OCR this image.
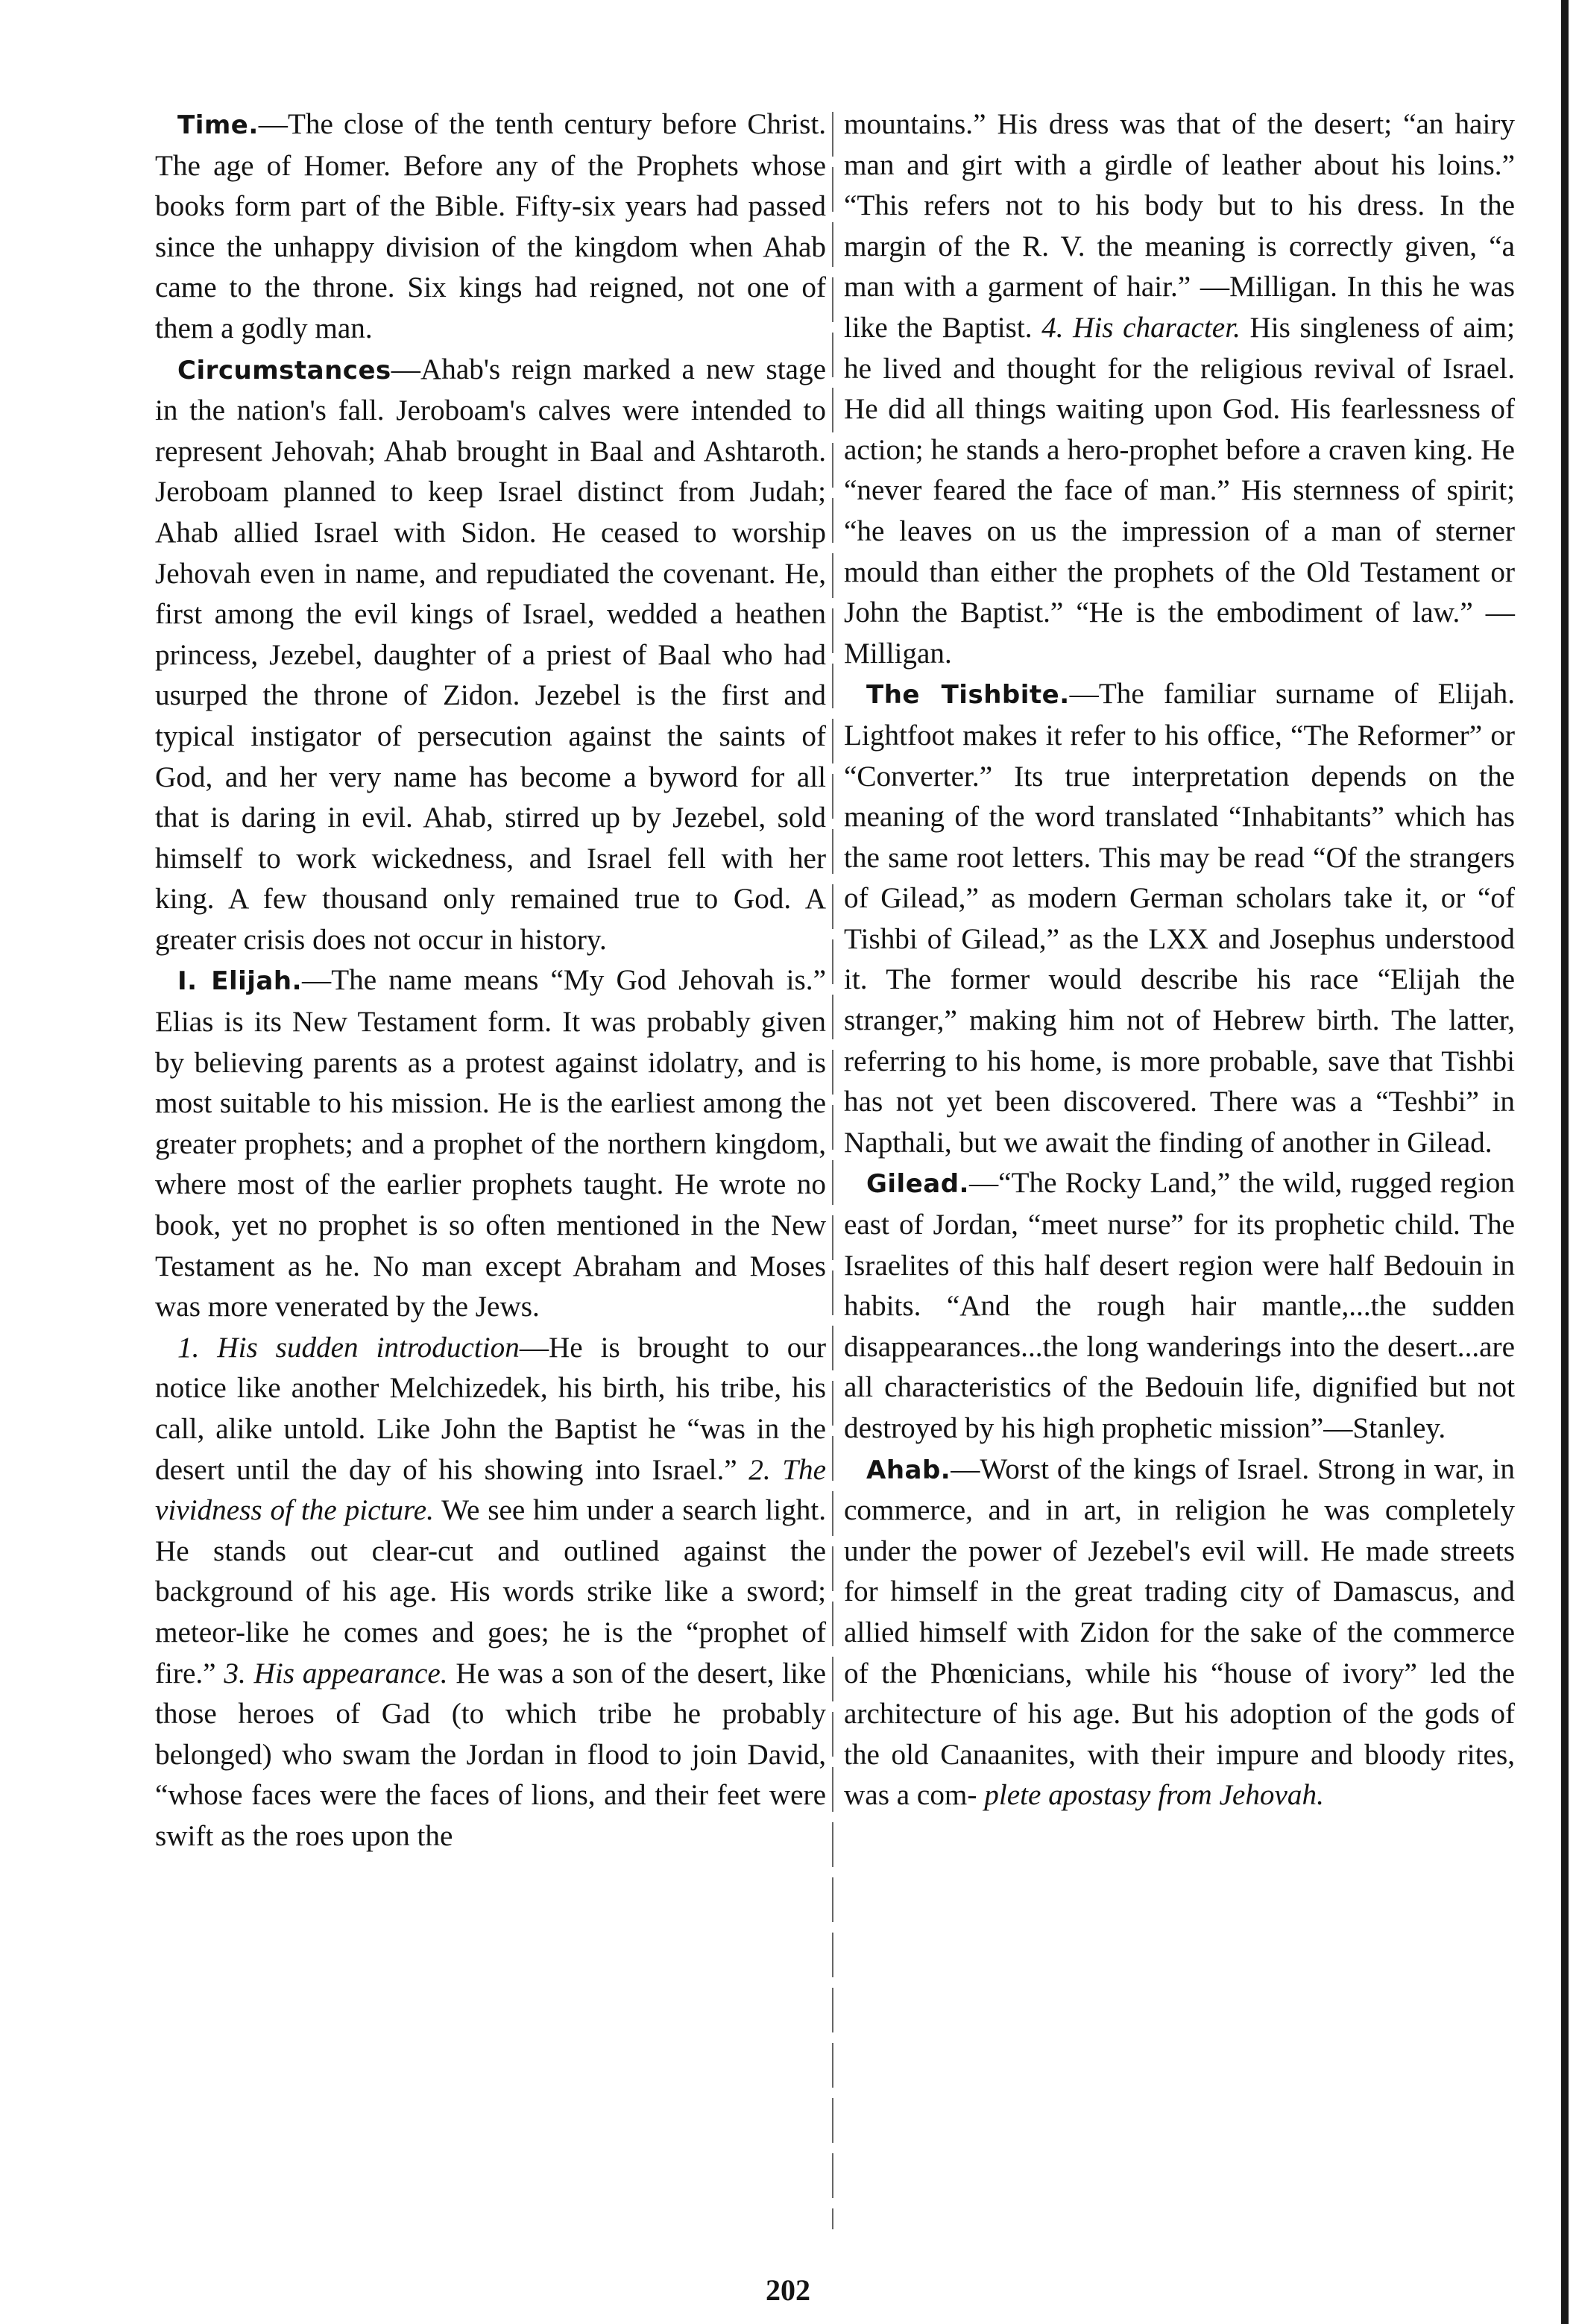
Time.—The close of the tenth century before Christ. The age of Homer. Before any of the Prophets whose books form part of the Bible. Fifty-six years had passed since the unhappy division of the kingdom when Ahab came to the throne. Six kings had reigned, not one of them a godly man.

Circumstances—Ahab's reign marked a new stage in the nation's fall. Jeroboam's calves were intended to represent Jehovah; Ahab brought in Baal and Ashtaroth. Jeroboam planned to keep Israel distinct from Judah; Ahab allied Israel with Sidon. He ceased to worship Jehovah even in name, and repudiated the covenant. He, first among the evil kings of Israel, wedded a heathen princess, Jezebel, daughter of a priest of Baal who had usurped the throne of Zidon. Jezebel is the first and typical instigator of persecution against the saints of God, and her very name has become a byword for all that is daring in evil. Ahab, stirred up by Jezebel, sold himself to work wickedness, and Israel fell with her king. A few thousand only remained true to God. A greater crisis does not occur in history.

I. Elijah.—The name means “My God Jehovah is.” Elias is its New Testament form. It was probably given by believing parents as a protest against idolatry, and is most suitable to his mission. He is the earliest among the greater prophets; and a prophet of the northern kingdom, where most of the earlier prophets taught. He wrote no book, yet no prophet is so often mentioned in the New Testament as he. No man except Abraham and Moses was more venerated by the Jews.

1. His sudden introduction—He is brought to our notice like another Melchizedek, his birth, his tribe, his call, alike untold. Like John the Baptist he “was in the desert until the day of his showing into Israel.” 2. The vividness of the picture. We see him under a search light. He stands out clear-cut and outlined against the background of his age. His words strike like a sword; meteor-like he comes and goes; he is the “prophet of fire.” 3. His appearance. He was a son of the desert, like those heroes of Gad (to which tribe he probably belonged) who swam the Jordan in flood to join David, “whose faces were the faces of lions, and their feet were swift as the roes upon the

mountains.” His dress was that of the desert; “an hairy man and girt with a girdle of leather about his loins.” “This refers not to his body but to his dress. In the margin of the R. V. the meaning is correctly given, “a man with a garment of hair.” —Milligan. In this he was like the Baptist. 4. His character. His singleness of aim; he lived and thought for the religious revival of Israel. He did all things waiting upon God. His fearlessness of action; he stands a hero-prophet before a craven king. He “never feared the face of man.” His sternness of spirit; “he leaves on us the impression of a man of sterner mould than either the prophets of the Old Testament or John the Baptist.” “He is the embodiment of law.” —Milligan.

The Tishbite.—The familiar surname of Elijah. Lightfoot makes it refer to his office, “The Reformer” or “Converter.” Its true interpretation depends on the meaning of the word translated “Inhabitants” which has the same root letters. This may be read “Of the strangers of Gilead,” as modern German scholars take it, or “of Tishbi of Gilead,” as the LXX and Josephus understood it. The former would describe his race “Elijah the stranger,” making him not of Hebrew birth. The latter, referring to his home, is more probable, save that Tishbi has not yet been discovered. There was a “Teshbi” in Napthali, but we await the finding of another in Gilead.

Gilead.—“The Rocky Land,” the wild, rugged region east of Jordan, “meet nurse” for its prophetic child. The Israelites of this half desert region were half Bedouin in habits. “And the rough hair mantle,...the sudden disappearances...the long wanderings into the desert...are all characteristics of the Bedouin life, dignified but not destroyed by his high prophetic mission”—Stanley.

Ahab.—Worst of the kings of Israel. Strong in war, in commerce, and in art, in religion he was completely under the power of Jezebel's evil will. He made streets for himself in the great trading city of Damascus, and allied himself with Zidon for the sake of the commerce of the Phœnicians, while his “house of ivory” led the architecture of his age. But his adoption of the gods of the old Canaanites, with their impure and bloody rites, was a com- plete apostasy from Jehovah.

202
